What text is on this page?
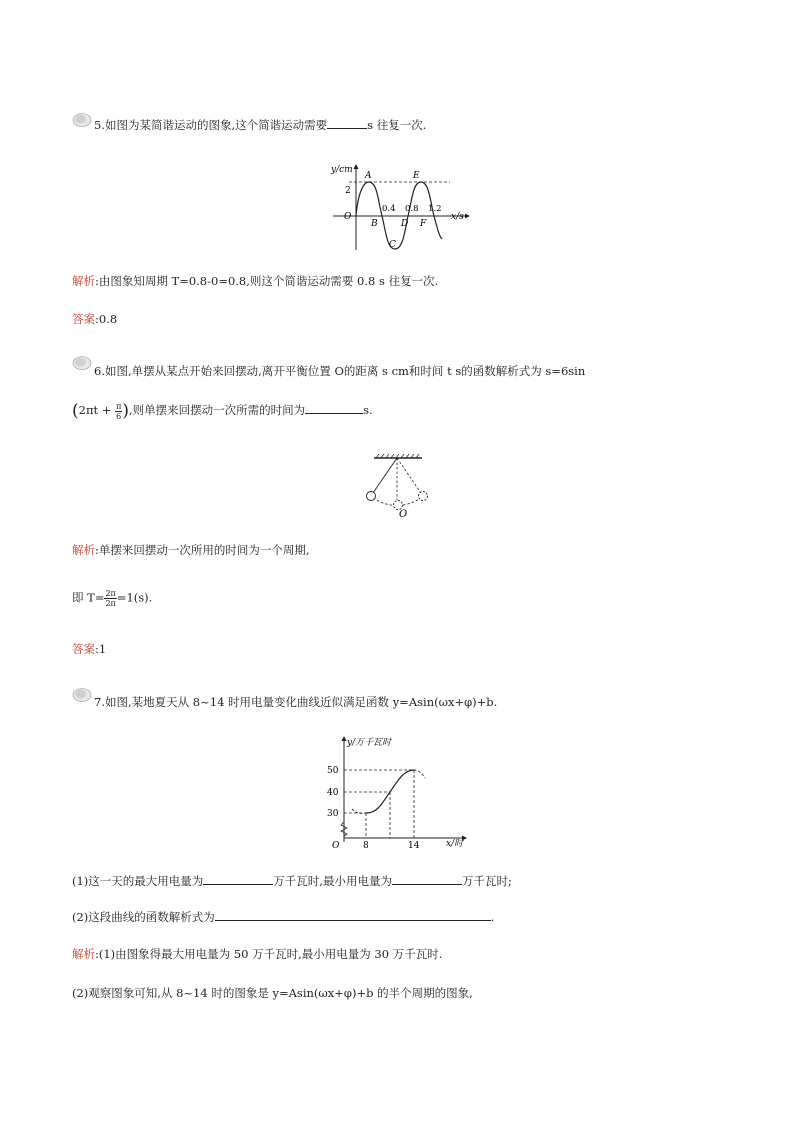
5.如图为某简谐运动的图象,这个简谐运动需要	s 往复一次.
y/cm
2
O	x/s
0.4 0.8 1.2
A
B
C
D
E
F
解析:由图象知周期 T=0.8-0=0.8,则这个简谐运动需要 0.8 s 往复一次.
答案:0.8
6.如图,单摆从某点开始来回摆动,离开平衡位置 O的距离 s cm和时间 t s的函数解析式为 s=6sin
($2\pi t + \frac{\pi}{6}$ ),则单摆来回摆动一次所需的时间为	s.
O
解析:单摆来回摆动一次所用的时间为一个周期,
即 $T= \frac{2\pi}{2\pi} =1(s)$.
答案:1
7.如图,某地夏天从 8~14 时用电量变化曲线近似满足函数 y=Asin(ωx+φ)+b.
y/万千瓦时
50
40
30
O	8	14	x/时
(1)这一天的最大用电量为	万千瓦时,最小用电量为	万千瓦时;
(2)这段曲线的函数解析式为	.
解析:(1)由图象得最大用电量为 50 万千瓦时,最小用电量为 30 万千瓦时.
(2)观察图象可知,从 8~14 时的图象是 y=Asin(ωx+φ)+b 的半个周期的图象,
